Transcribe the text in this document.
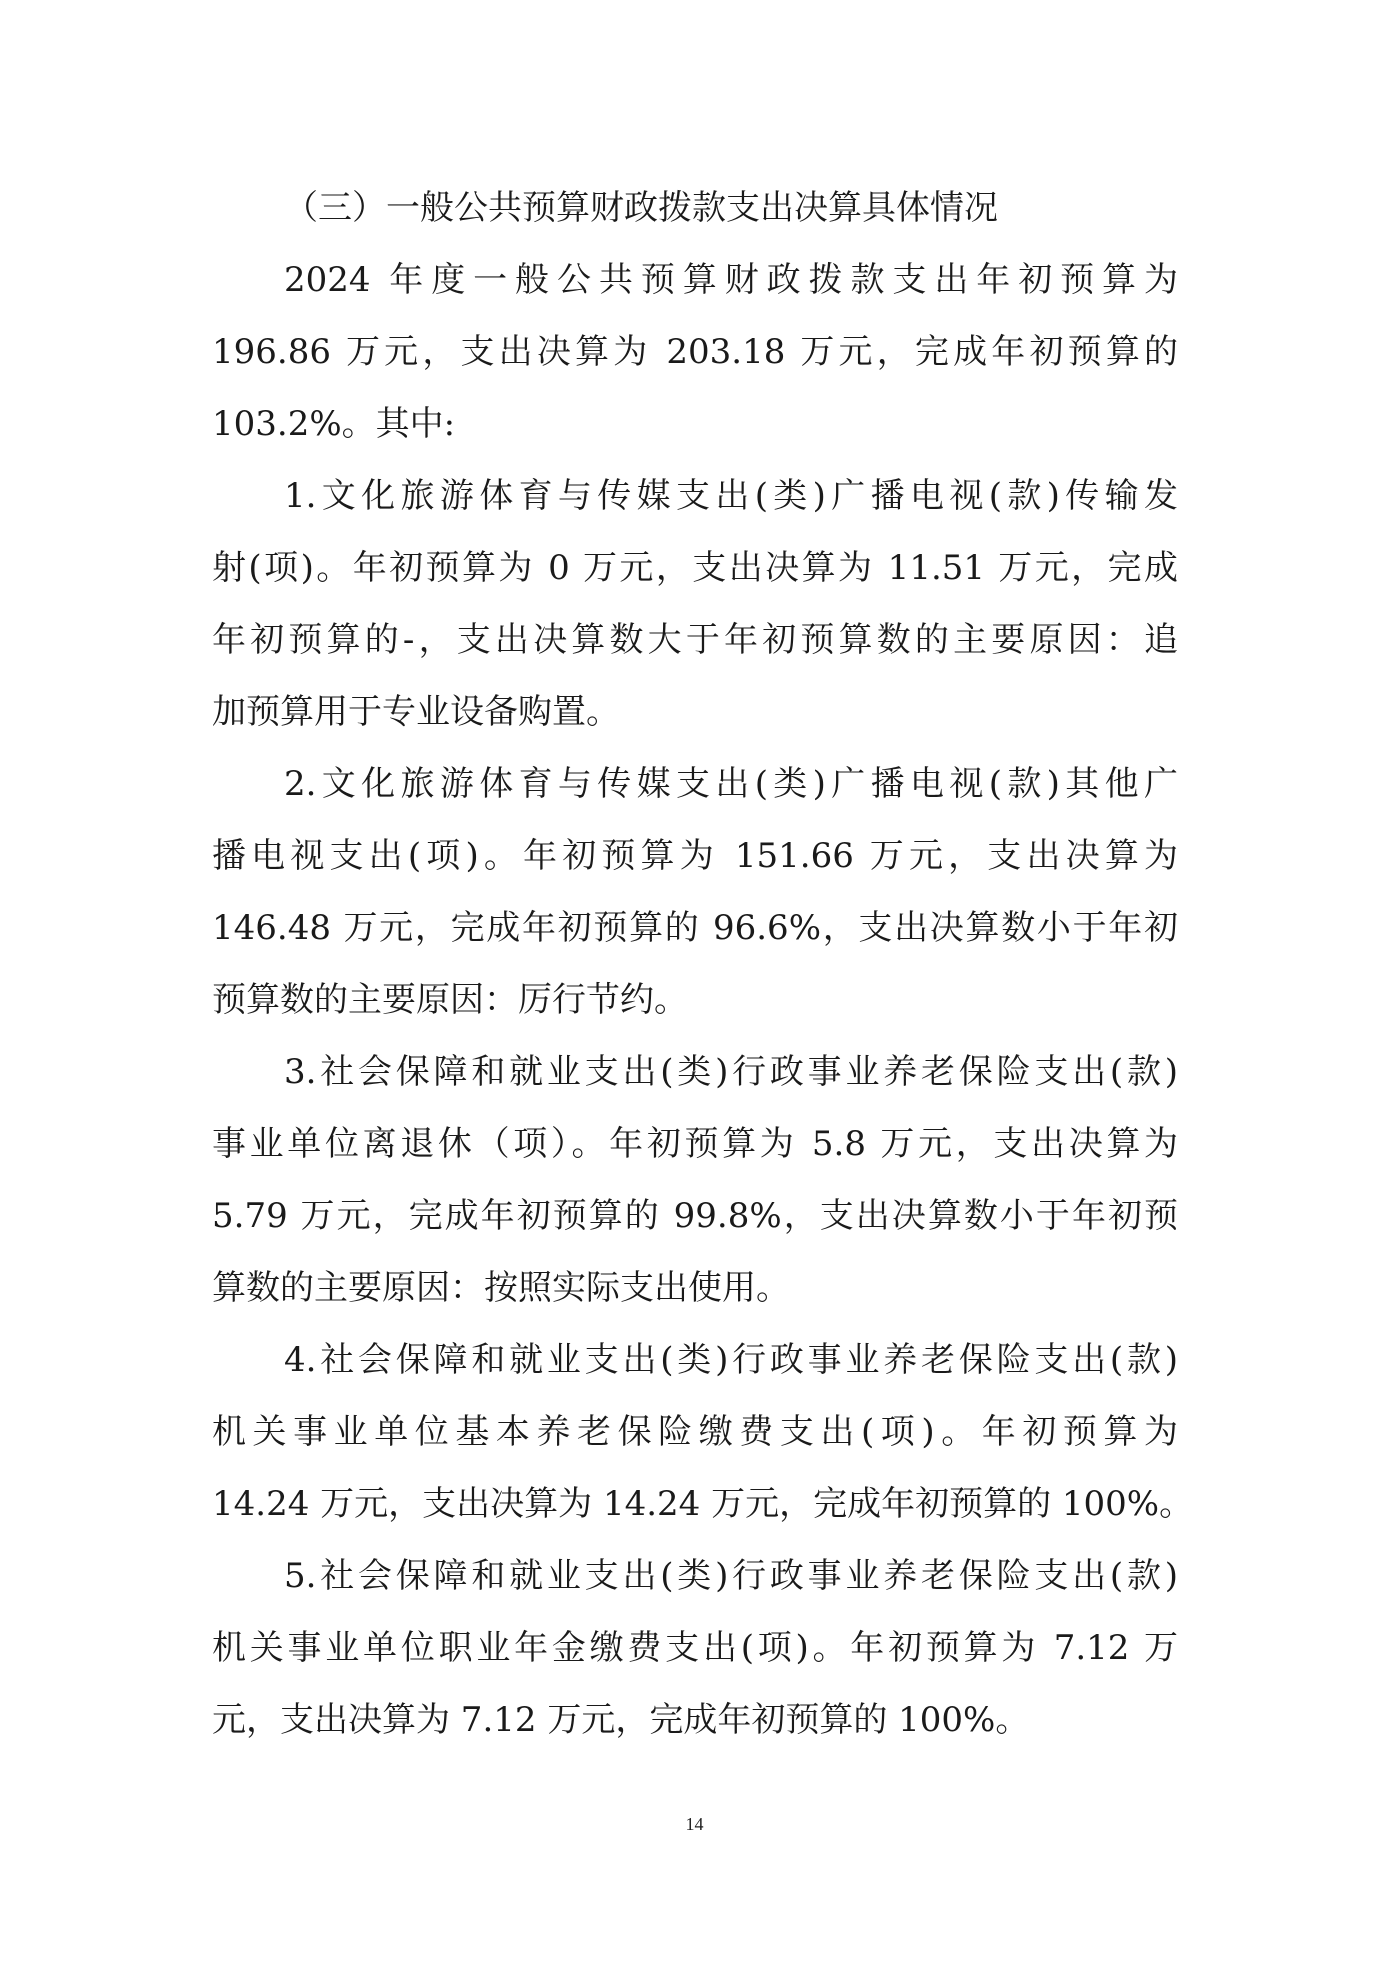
（三）一般公共预算财政拨款支出决算具体情况
2024 年度一般公共预算财政拨款支出年初预算为
196.86 万元，支出决算为 203.18 万元，完成年初预算的
103.2%。其中:
1.文化旅游体育与传媒支出(类)广播电视(款)传输发
射(项)。年初预算为 0 万元，支出决算为 11.51 万元，完成
年初预算的-，支出决算数大于年初预算数的主要原因：追
加预算用于专业设备购置。
2.文化旅游体育与传媒支出(类)广播电视(款)其他广
播电视支出(项)。年初预算为 151.66 万元，支出决算为
146.48 万元，完成年初预算的 96.6%，支出决算数小于年初
预算数的主要原因：厉行节约。
3.社会保障和就业支出(类)行政事业养老保险支出(款)
事业单位离退休（项）。年初预算为 5.8 万元，支出决算为
5.79 万元，完成年初预算的 99.8%，支出决算数小于年初预
算数的主要原因：按照实际支出使用。
4.社会保障和就业支出(类)行政事业养老保险支出(款)
机关事业单位基本养老保险缴费支出(项)。年初预算为
14.24 万元，支出决算为 14.24 万元，完成年初预算的 100%。
5.社会保障和就业支出(类)行政事业养老保险支出(款)
机关事业单位职业年金缴费支出(项)。年初预算为 7.12 万
元，支出决算为 7.12 万元，完成年初预算的 100%。
14
